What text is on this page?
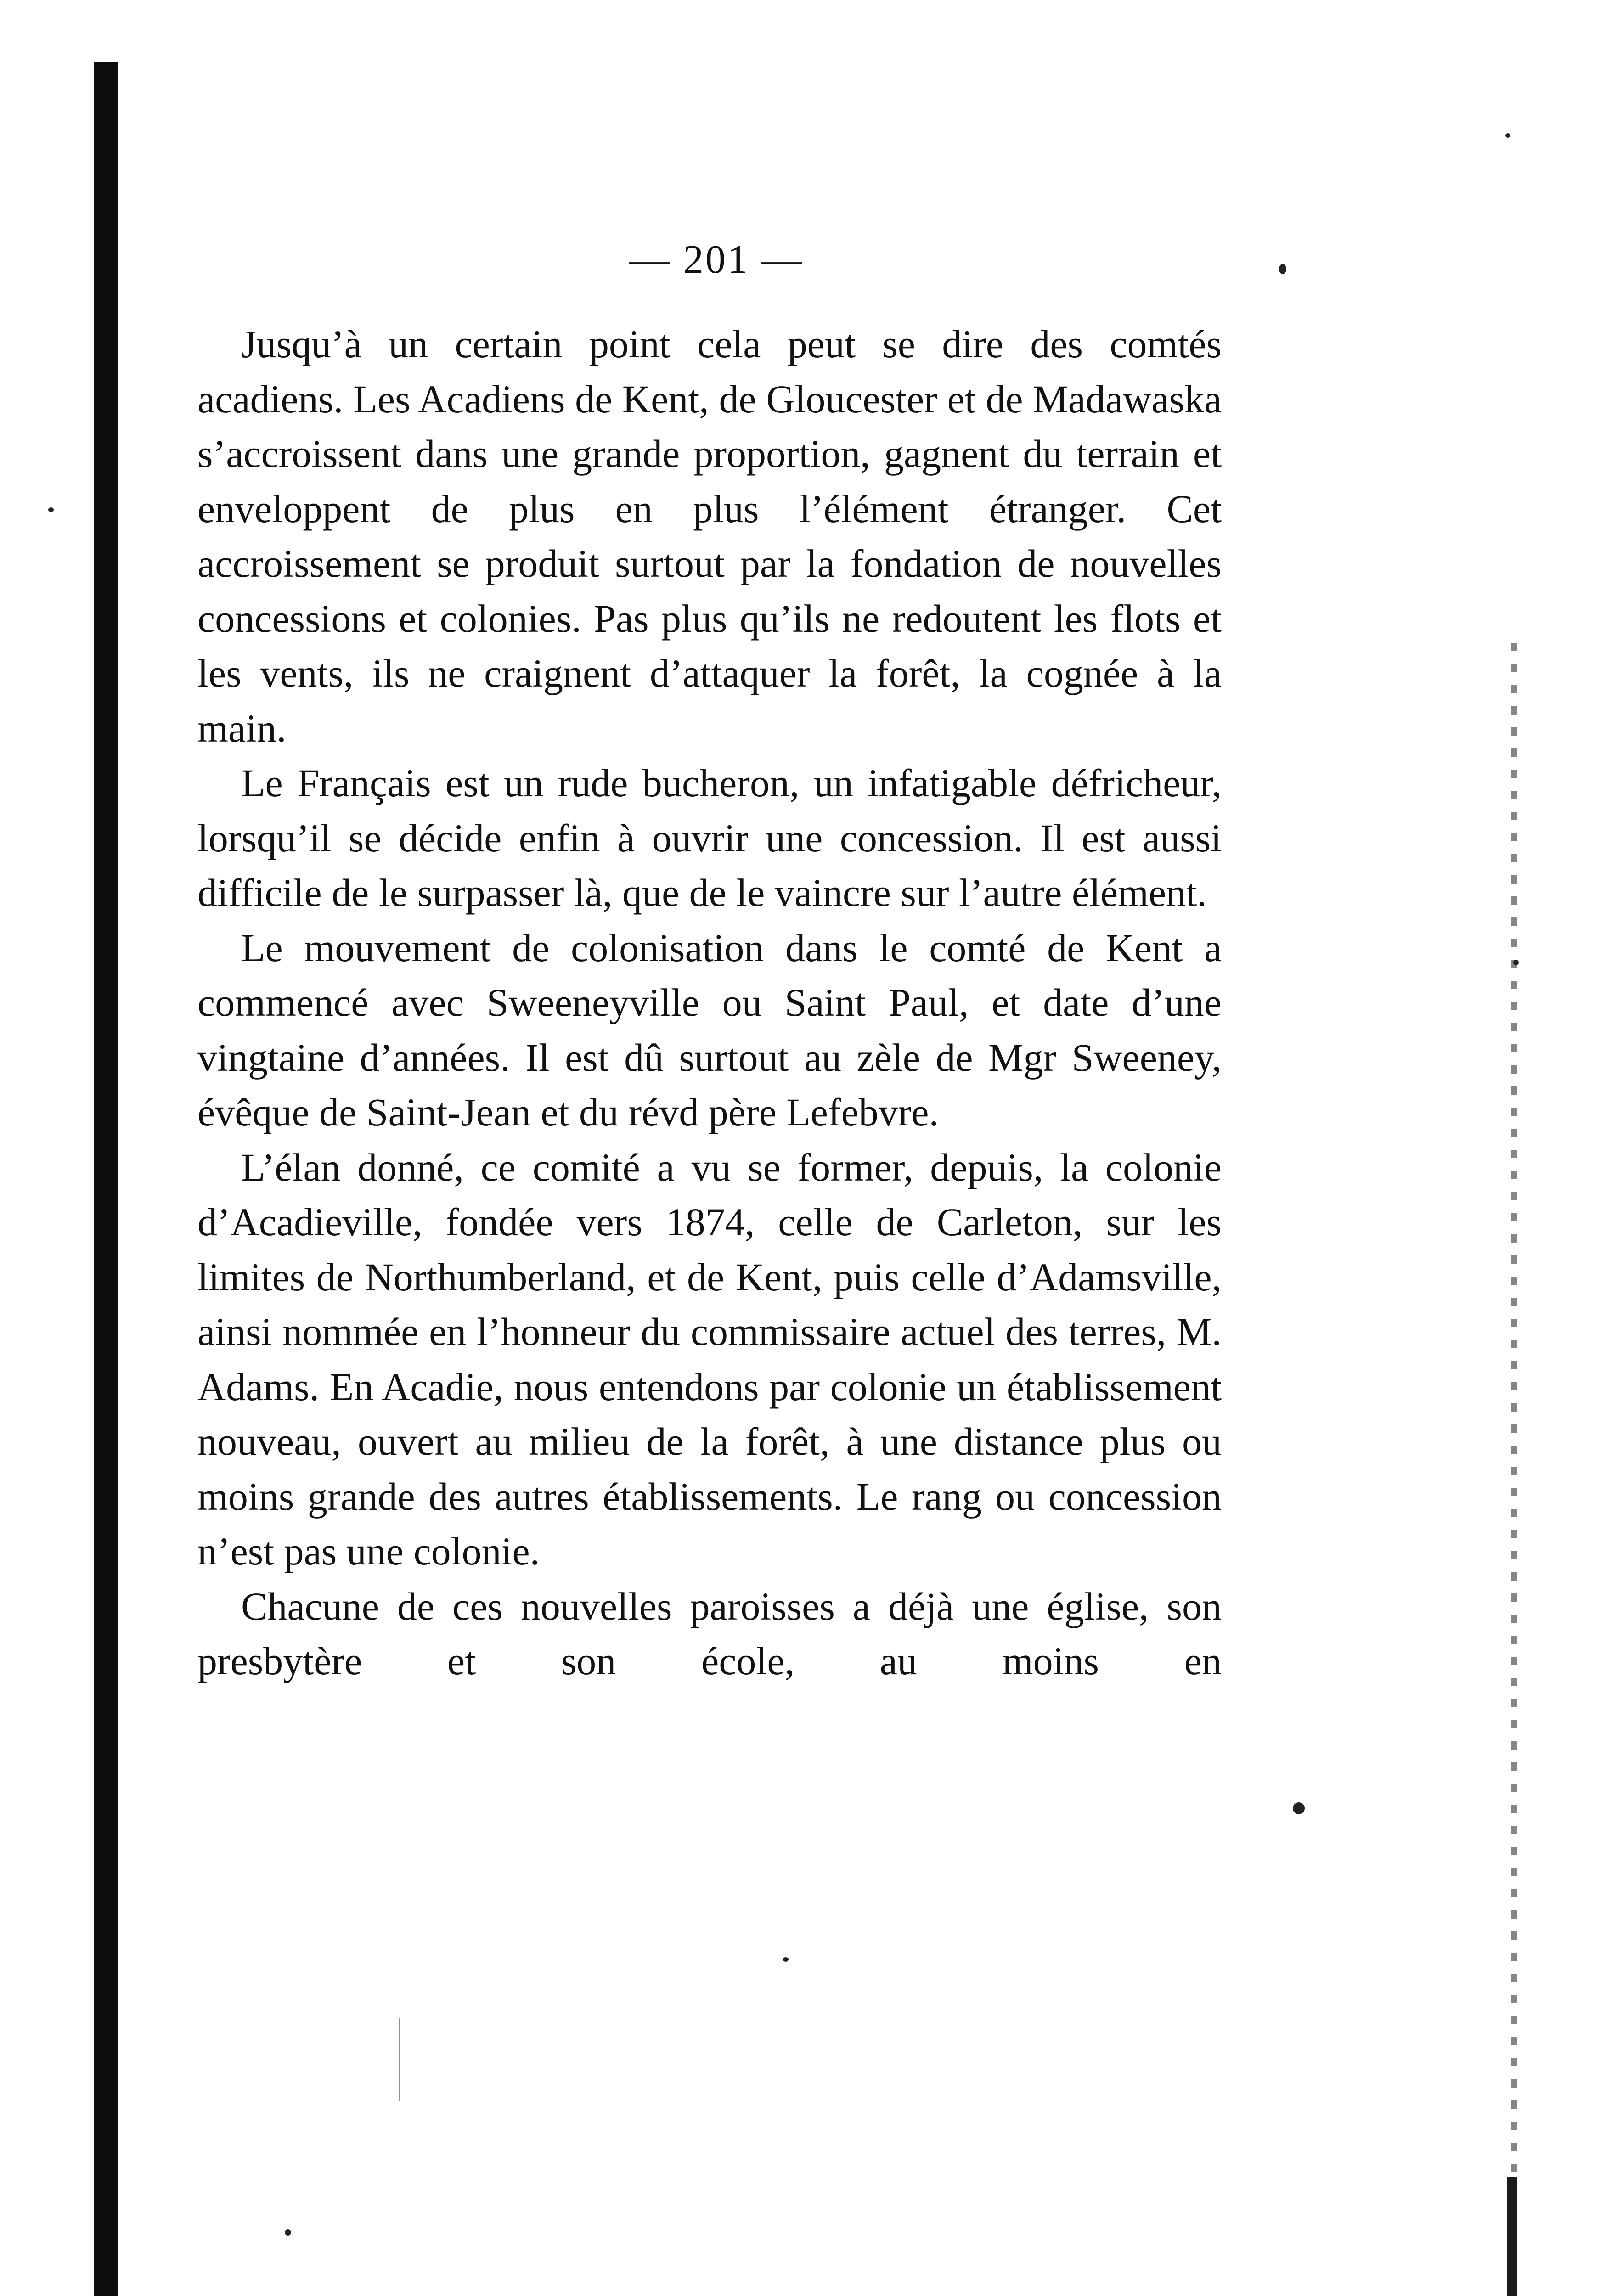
— 201 —

Jusqu’à un certain point cela peut se dire des comtés acadiens. Les Acadiens de Kent, de Gloucester et de Madawaska s’accroissent dans une grande proportion, gagnent du terrain et enveloppent de plus en plus l’élément étranger. Cet accroissement se produit surtout par la fondation de nouvelles concessions et colonies. Pas plus qu’ils ne redoutent les flots et les vents, ils ne craignent d’attaquer la forêt, la cognée à la main.

Le Français est un rude bucheron, un infatigable défricheur, lorsqu’il se décide enfin à ouvrir une concession. Il est aussi difficile de le surpasser là, que de le vaincre sur l’autre élément.

Le mouvement de colonisation dans le comté de Kent a commencé avec Sweeneyville ou Saint Paul, et date d’une vingtaine d’années. Il est dû surtout au zèle de Mgr Sweeney, évêque de Saint-Jean et du révd père Lefebvre.

L’élan donné, ce comité a vu se former, depuis, la colonie d’Acadieville, fondée vers 1874, celle de Carleton, sur les limites de Northumberland, et de Kent, puis celle d’Adamsville, ainsi nommée en l’honneur du commissaire actuel des terres, M. Adams. En Acadie, nous entendons par colonie un établissement nouveau, ouvert au milieu de la forêt, à une distance plus ou moins grande des autres établissements. Le rang ou concession n’est pas une colonie.

Chacune de ces nouvelles paroisses a déjà une église, son presbytère et son école, au moins en
